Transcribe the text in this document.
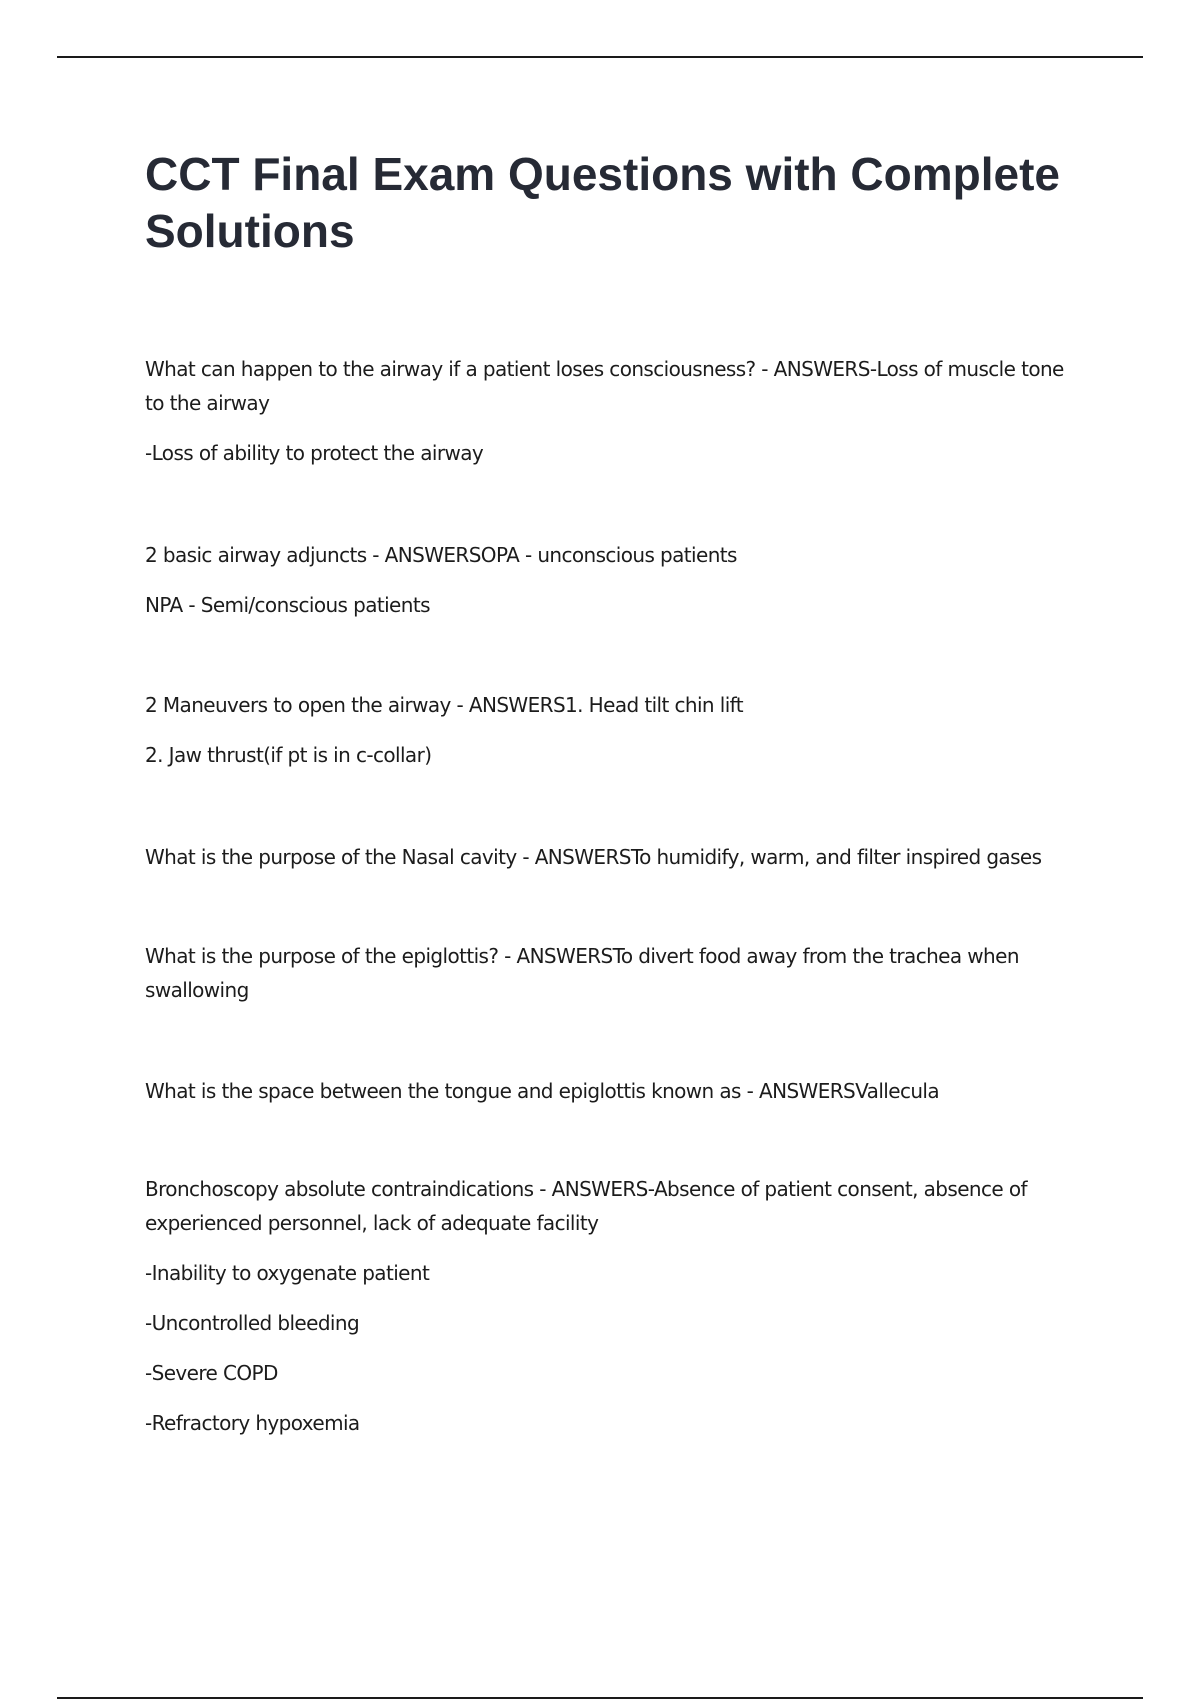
CCT Final Exam Questions with Complete Solutions

What can happen to the airway if a patient loses consciousness? - ANSWERS-Loss of muscle tone to the airway

-Loss of ability to protect the airway

2 basic airway adjuncts - ANSWERSOPA - unconscious patients

NPA - Semi/conscious patients

2 Maneuvers to open the airway - ANSWERS1. Head tilt chin lift

2. Jaw thrust(if pt is in c-collar)

What is the purpose of the Nasal cavity - ANSWERSTo humidify, warm, and filter inspired gases

What is the purpose of the epiglottis? - ANSWERSTo divert food away from the trachea when swallowing

What is the space between the tongue and epiglottis known as - ANSWERSVallecula

Bronchoscopy absolute contraindications - ANSWERS-Absence of patient consent, absence of experienced personnel, lack of adequate facility

-Inability to oxygenate patient

-Uncontrolled bleeding

-Severe COPD

-Refractory hypoxemia
